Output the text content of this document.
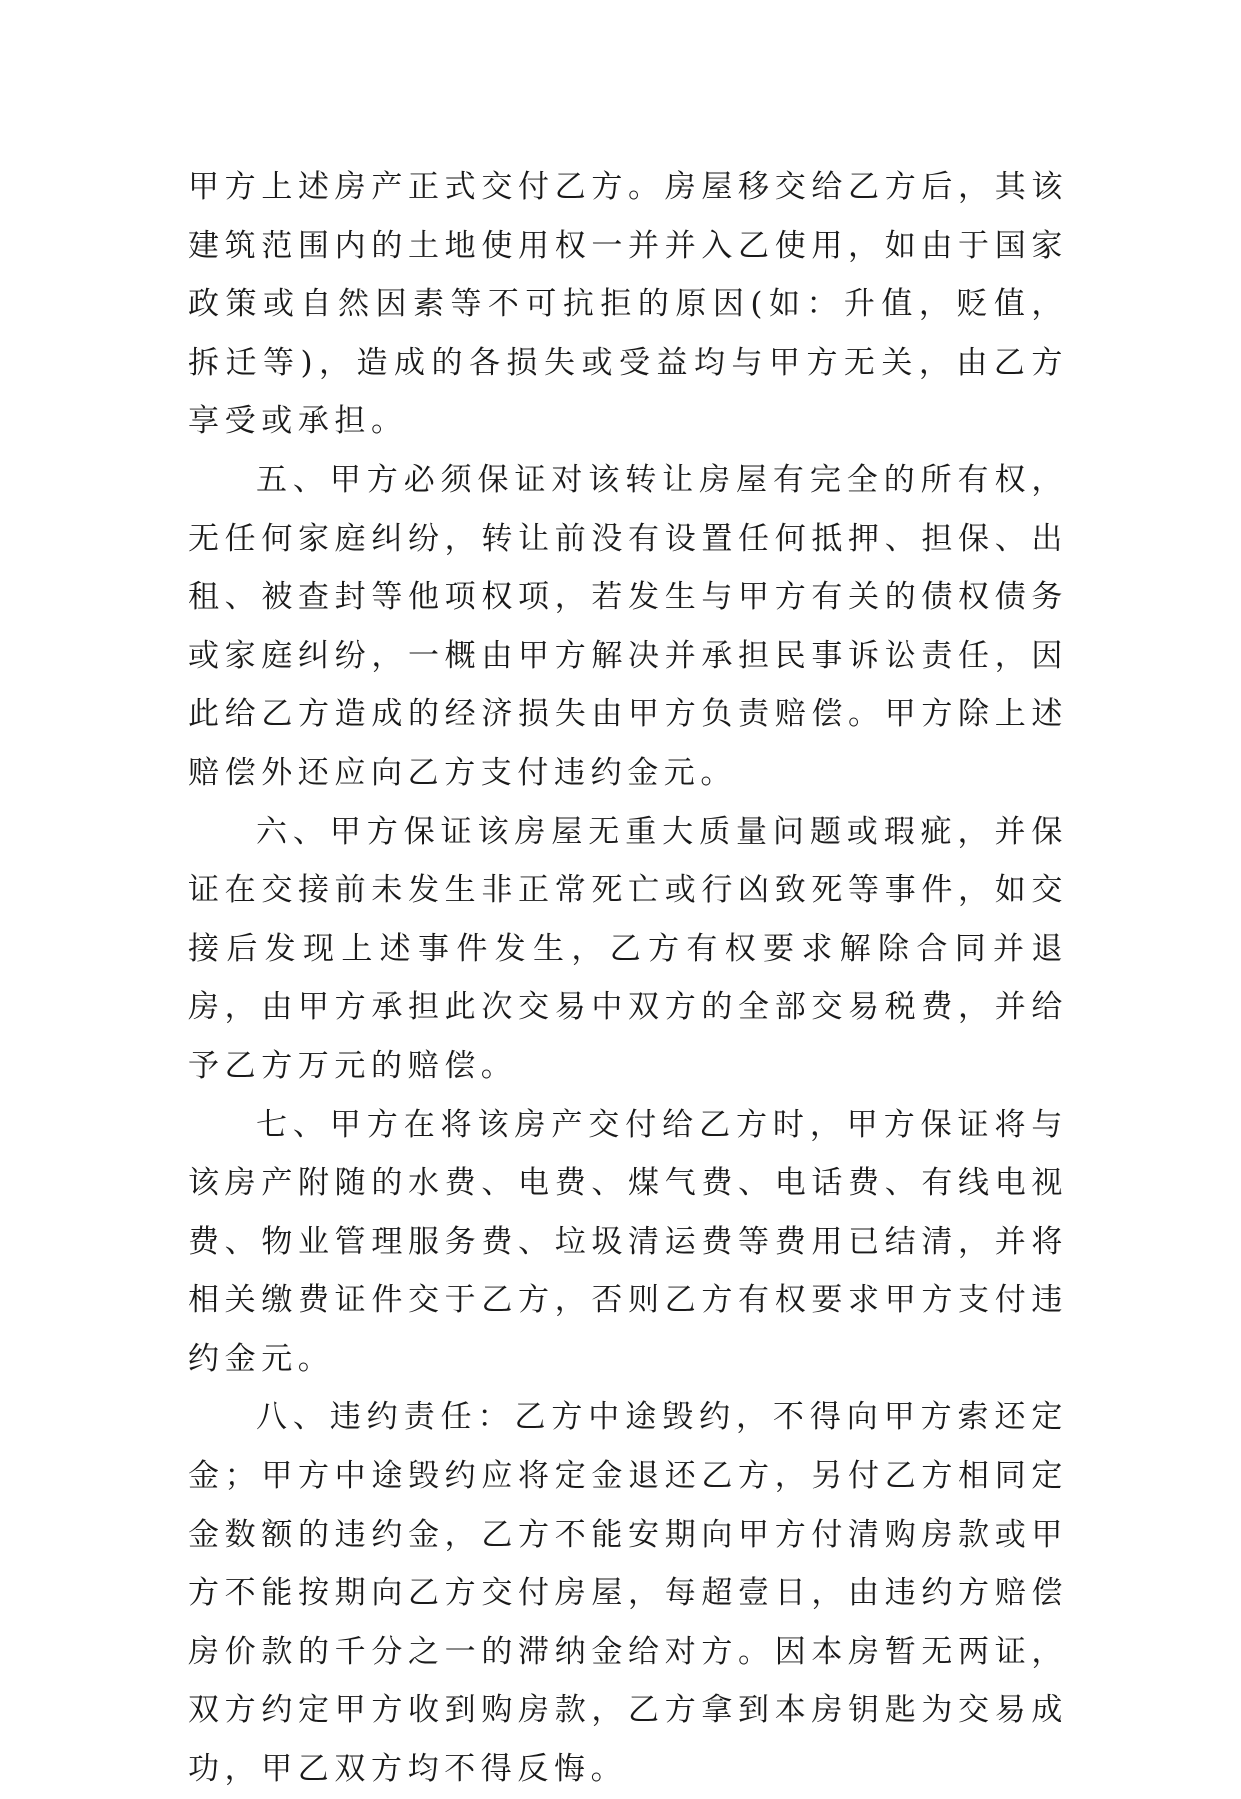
甲方上述房产正式交付乙方。房屋移交给乙方后，其该建筑范围内的土地使用权一并并入乙使用，如由于国家政策或自然因素等不可抗拒的原因(如：升值，贬值，拆迁等)，造成的各损失或受益均与甲方无关，由乙方享受或承担。

五、甲方必须保证对该转让房屋有完全的所有权，无任何家庭纠纷，转让前没有设置任何抵押、担保、出租、被查封等他项权项，若发生与甲方有关的债权债务或家庭纠纷，一概由甲方解决并承担民事诉讼责任，因此给乙方造成的经济损失由甲方负责赔偿。甲方除上述赔偿外还应向乙方支付违约金元。

六、甲方保证该房屋无重大质量问题或瑕疵，并保证在交接前未发生非正常死亡或行凶致死等事件，如交接后发现上述事件发生，乙方有权要求解除合同并退房，由甲方承担此次交易中双方的全部交易税费，并给予乙方万元的赔偿。

七、甲方在将该房产交付给乙方时，甲方保证将与该房产附随的水费、电费、煤气费、电话费、有线电视费、物业管理服务费、垃圾清运费等费用已结清，并将相关缴费证件交于乙方，否则乙方有权要求甲方支付违约金元。

八、违约责任：乙方中途毁约，不得向甲方索还定金；甲方中途毁约应将定金退还乙方，另付乙方相同定金数额的违约金，乙方不能安期向甲方付清购房款或甲方不能按期向乙方交付房屋，每超壹日，由违约方赔偿房价款的千分之一的滞纳金给对方。因本房暂无两证，双方约定甲方收到购房款，乙方拿到本房钥匙为交易成功，甲乙双方均不得反悔。
